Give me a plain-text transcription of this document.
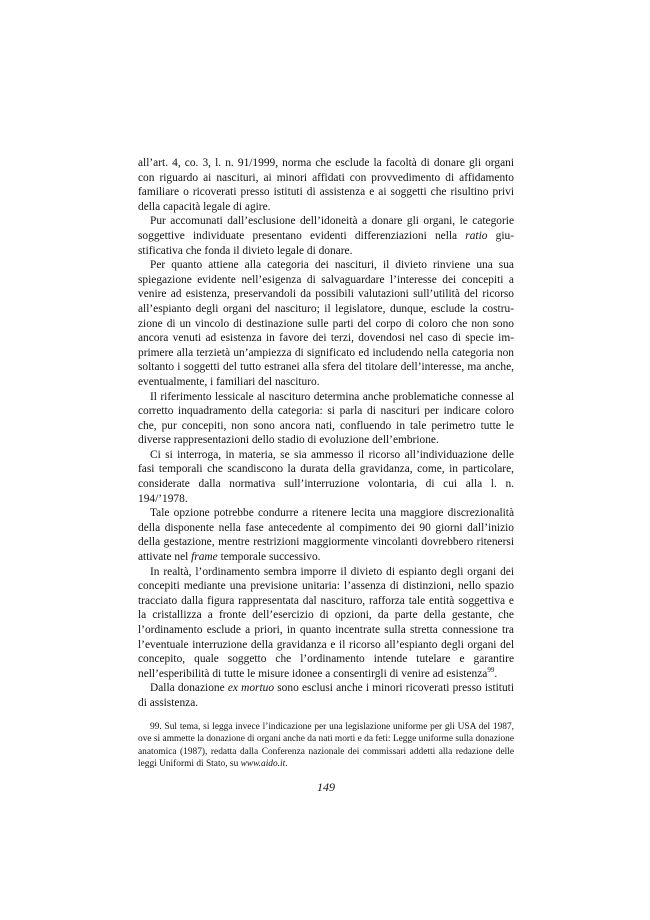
all’art. 4, co. 3, l. n. 91/1999, norma che esclude la facoltà di donare gli organi con riguardo ai nascituri, ai minori affidati con provvedimento di affidamento familiare o ricoverati presso istituti di assistenza e ai soggetti che risultino privi della capacità legale di agire.

Pur accomunati dall’esclusione dell’idoneità a donare gli organi, le categorie soggettive individuate presentano evidenti differenziazioni nella ratio giustificativa che fonda il divieto legale di donare.

Per quanto attiene alla categoria dei nascituri, il divieto rinviene una sua spiegazione evidente nell’esigenza di salvaguardare l’interesse dei concepiti a venire ad esistenza, preservandoli da possibili valutazioni sull’utilità del ricorso all’espianto degli organi del nascituro; il legislatore, dunque, esclude la costruzione di un vincolo di destinazione sulle parti del corpo di coloro che non sono ancora venuti ad esistenza in favore dei terzi, dovendosi nel caso di specie imprimere alla terzietà un’ampiezza di significato ed includendo nella categoria non soltanto i soggetti del tutto estranei alla sfera del titolare dell’interesse, ma anche, eventualmente, i familiari del nascituro.

Il riferimento lessicale al nascituro determina anche problematiche connesse al corretto inquadramento della categoria: si parla di nascituri per indicare coloro che, pur concepiti, non sono ancora nati, confluendo in tale perimetro tutte le diverse rappresentazioni dello stadio di evoluzione dell’embrione.

Ci si interroga, in materia, se sia ammesso il ricorso all’individuazione delle fasi temporali che scandiscono la durata della gravidanza, come, in particolare, considerate dalla normativa sull’interruzione volontaria, di cui alla l. n. 194/’1978.

Tale opzione potrebbe condurre a ritenere lecita una maggiore discrezionalità della disponente nella fase antecedente al compimento dei 90 giorni dall’inizio della gestazione, mentre restrizioni maggiormente vincolanti dovrebbero ritenersi attivate nel frame temporale successivo.

In realtà, l’ordinamento sembra imporre il divieto di espianto degli organi dei concepiti mediante una previsione unitaria: l’assenza di distinzioni, nello spazio tracciato dalla figura rappresentata dal nascituro, rafforza tale entità soggettiva e la cristallizza a fronte dell’esercizio di opzioni, da parte della gestante, che l’ordinamento esclude a priori, in quanto incentrate sulla stretta connessione tra l’eventuale interruzione della gravidanza e il ricorso all’espianto degli organi del concepito, quale soggetto che l’ordinamento intende tutelare e garantire nell’esperibilità di tutte le misure idonee a consentirgli di venire ad esistenza$^{99}$.

Dalla donazione ex mortuo sono esclusi anche i minori ricoverati presso istituti di assistenza.

99. Sul tema, si legga invece l’indicazione per una legislazione uniforme per gli USA del 1987, ove si ammette la donazione di organi anche da nati morti e da feti: Legge uniforme sulla donazione anatomica (1987), redatta dalla Conferenza nazionale dei commissari addetti alla redazione delle leggi Uniformi di Stato, su www.aido.it.

149
